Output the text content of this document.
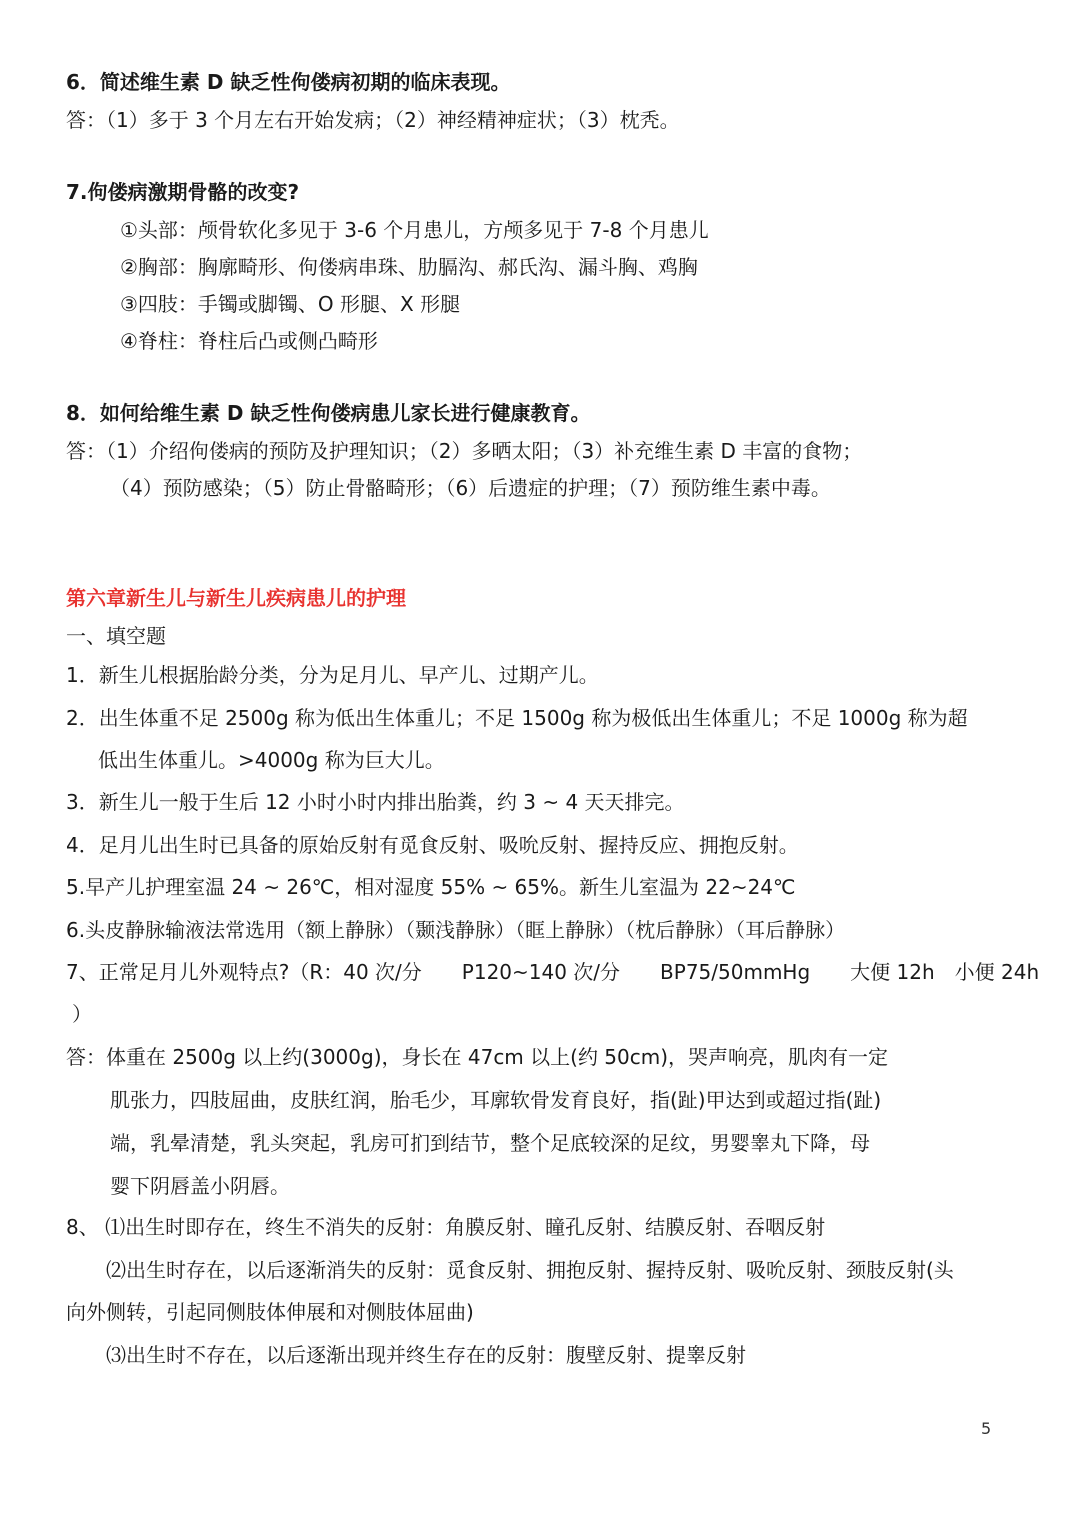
6．简述维生素 D 缺乏性佝偻病初期的临床表现。
答：（1）多于 3 个月左右开始发病；（2）神经精神症状；（3）枕秃。
7.佝偻病激期骨骼的改变?
①头部：颅骨软化多见于 3-6 个月患儿，方颅多见于 7-8 个月患儿
②胸部：胸廓畸形、佝偻病串珠、肋膈沟、郝氏沟、漏斗胸、鸡胸
③四肢：手镯或脚镯、O 形腿、X 形腿
④脊柱：脊柱后凸或侧凸畸形
8．如何给维生素 D 缺乏性佝偻病患儿家长进行健康教育。
答：（1）介绍佝偻病的预防及护理知识；（2）多晒太阳；（3）补充维生素 D 丰富的食物；
（4）预防感染；（5）防止骨骼畸形；（6）后遗症的护理；（7）预防维生素中毒。
第六章新生儿与新生儿疾病患儿的护理
一、填空题
1．新生儿根据胎龄分类，分为足月儿、早产儿、过期产儿。
2．出生体重不足 2500g 称为低出生体重儿；不足 1500g 称为极低出生体重儿；不足 1000g 称为超
低出生体重儿。>4000g 称为巨大儿。
3．新生儿一般于生后 12 小时小时内排出胎粪，约 3 ~ 4 天天排完。
4．足月儿出生时已具备的原始反射有觅食反射、吸吮反射、握持反应、拥抱反射。
5.早产儿护理室温 24 ~ 26℃，相对湿度 55% ~ 65%。新生儿室温为 22~24℃
6.头皮静脉输液法常选用（额上静脉）（颞浅静脉）（眶上静脉）（枕后静脉）（耳后静脉）
7、正常足月儿外观特点?（R：40 次/分　　P120~140 次/分　　BP75/50mmHg　　大便 12h　小便 24h
）
答：体重在 2500g 以上约(3000g)，身长在 47cm 以上(约 50cm)，哭声响亮，肌肉有一定
肌张力，四肢屈曲，皮肤红润，胎毛少，耳廓软骨发育良好，指(趾)甲达到或超过指(趾)
端，乳晕清楚，乳头突起，乳房可扪到结节，整个足底较深的足纹，男婴睾丸下降，母
婴下阴唇盖小阴唇。
8、 ⑴出生时即存在，终生不消失的反射：角膜反射、瞳孔反射、结膜反射、吞咽反射
⑵出生时存在，以后逐渐消失的反射：觅食反射、拥抱反射、握持反射、吸吮反射、颈肢反射(头
向外侧转，引起同侧肢体伸展和对侧肢体屈曲)
⑶出生时不存在，以后逐渐出现并终生存在的反射：腹壁反射、提睾反射
5
